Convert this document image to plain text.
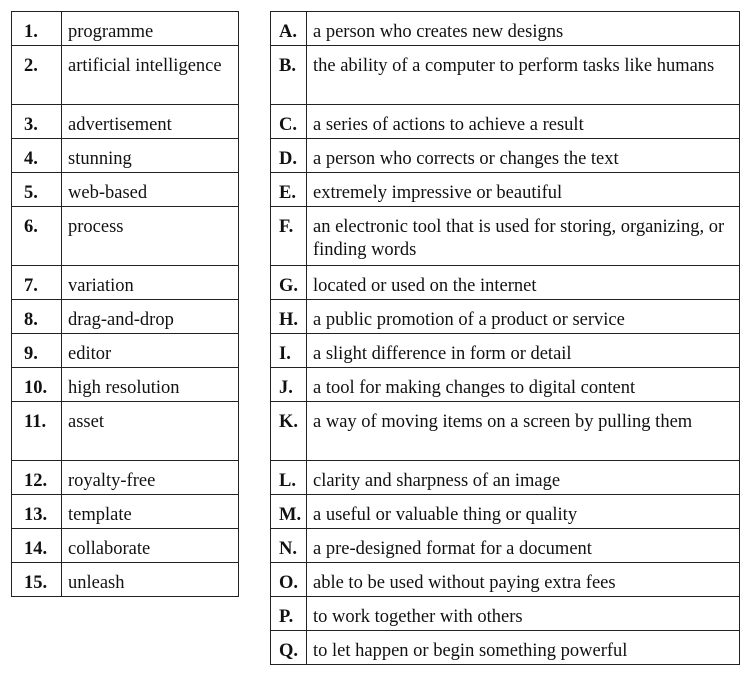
1.	programme
2.	artificial intelligence
3.	advertisement
4.	stunning
5.	web-based
6.	process
7.	variation
8.	drag-and-drop
9.	editor
10.	high resolution
11.	asset
12.	royalty-free
13.	template
14.	collaborate
15.	unleash
A.	a person who creates new designs
B.	the ability of a computer to perform tasks like humans
C.	a series of actions to achieve a result
D.	a person who corrects or changes the text
E.	extremely impressive or beautiful
F.	an electronic tool that is used for storing, organizing, or finding words
G.	located or used on the internet
H.	a public promotion of a product or service
I.	a slight difference in form or detail
J.	a tool for making changes to digital content
K.	a way of moving items on a screen by pulling them
L.	clarity and sharpness of an image
M.	a useful or valuable thing or quality
N.	a pre-designed format for a document
O.	able to be used without paying extra fees
P.	to work together with others
Q.	to let happen or begin something powerful
